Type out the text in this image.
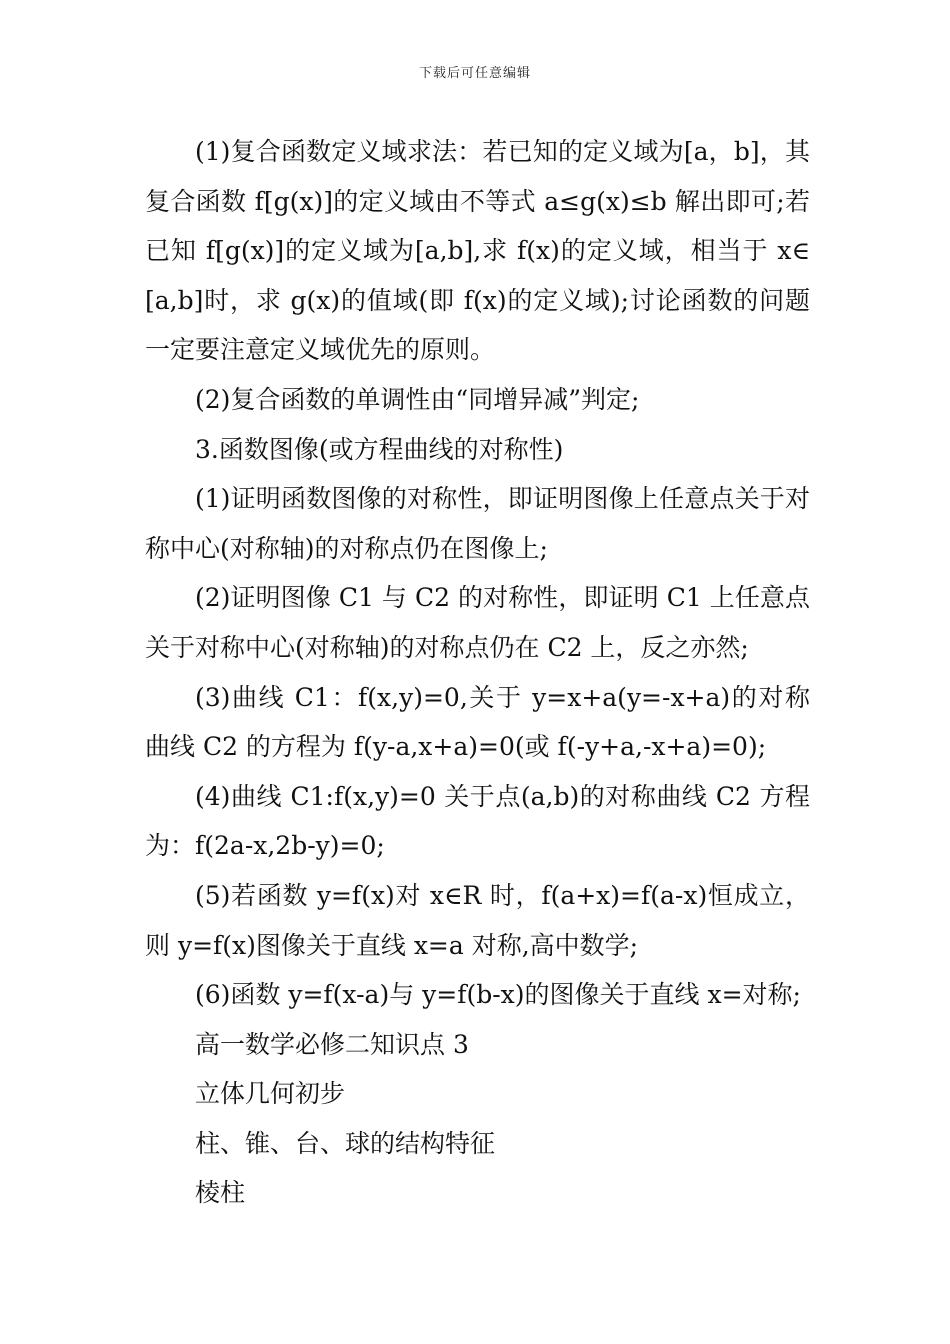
下载后可任意编辑

(1)复合函数定义域求法：若已知的定义域为[a，b]，其复合函数 f[g(x)]的定义域由不等式 a≤g(x)≤b 解出即可;若已知 f[g(x)]的定义域为[a,b],求 f(x)的定义域，相当于 x∈[a,b]时，求 g(x)的值域(即 f(x)的定义域);讨论函数的问题一定要注意定义域优先的原则。

(2)复合函数的单调性由“同增异减”判定;

3.函数图像(或方程曲线的对称性)

(1)证明函数图像的对称性，即证明图像上任意点关于对称中心(对称轴)的对称点仍在图像上;

(2)证明图像 C1 与 C2 的对称性，即证明 C1 上任意点关于对称中心(对称轴)的对称点仍在 C2 上，反之亦然;

(3)曲线 C1：f(x,y)=0,关于 y=x+a(y=-x+a)的对称曲线 C2 的方程为 f(y-a,x+a)=0(或 f(-y+a,-x+a)=0);

(4)曲线 C1:f(x,y)=0 关于点(a,b)的对称曲线 C2 方程为：f(2a-x,2b-y)=0;

(5)若函数 y=f(x)对 x∈R 时，f(a+x)=f(a-x)恒成立，则 y=f(x)图像关于直线 x=a 对称,高中数学;

(6)函数 y=f(x-a)与 y=f(b-x)的图像关于直线 x=对称;

高一数学必修二知识点 3

立体几何初步

柱、锥、台、球的结构特征

棱柱
